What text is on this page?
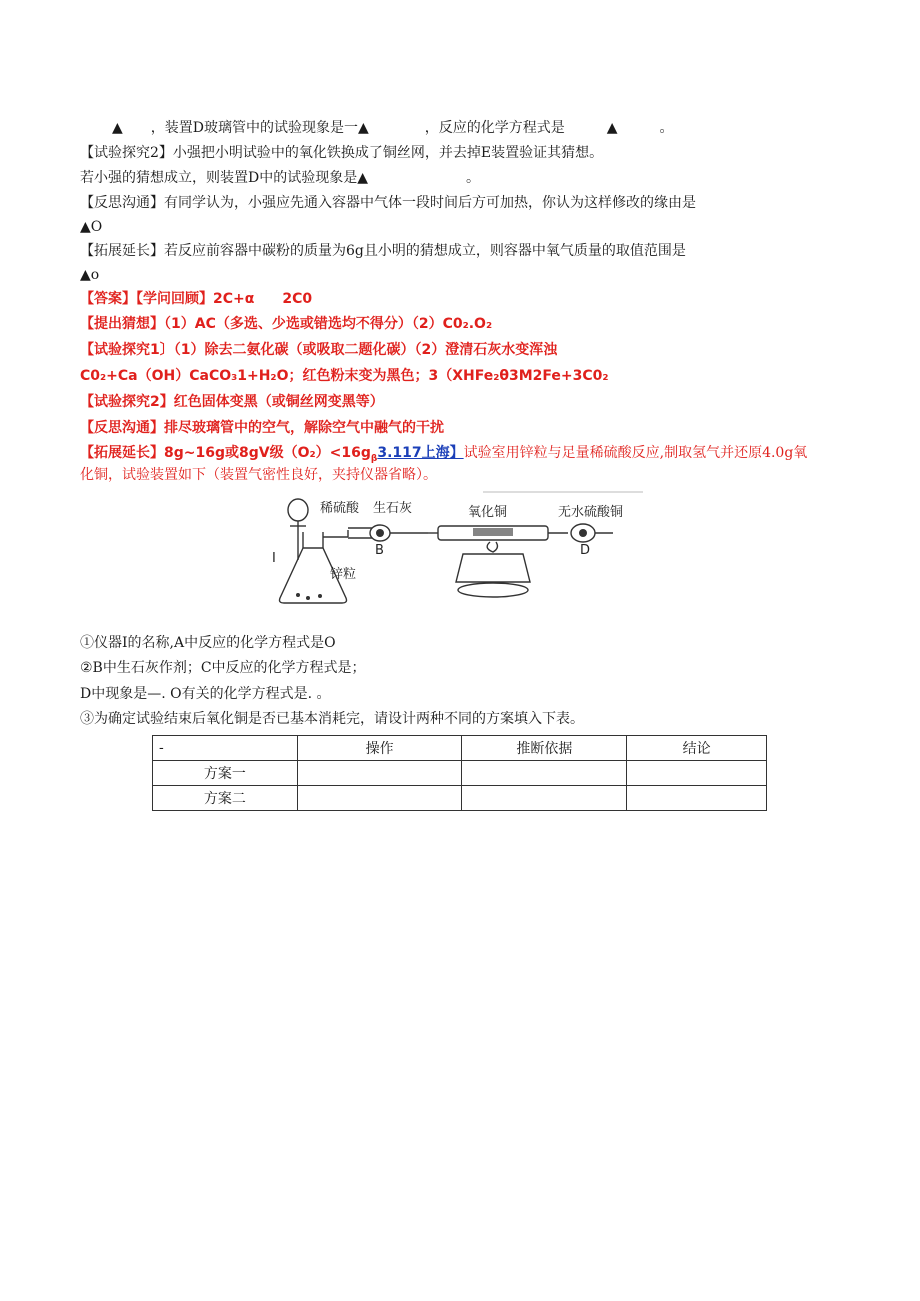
▲　　，装置D玻璃管中的试验现象是一▲　　　　，反应的化学方程式是　　　▲　　　。
【试验探究2】小强把小明试验中的氧化铁换成了铜丝网，并去掉E装置验证其猜想。
若小强的猜想成立，则装置D中的试验现象是▲　　　　　　　。
【反思沟通】有同学认为，小强应先通入容器中气体一段时间后方可加热，你认为这样修改的缘由是
▲O
【拓展延长】若反应前容器中碳粉的质量为6g且小明的猜想成立，则容器中氧气质量的取值范围是
▲o
【答案】【学问回顾】2C+α　　2C0
【提出猜想】（1）AC（多选、少选或错选均不得分）（2）C0₂.O₂
【试验探究1〕（1）除去二氨化碳（或吸取二题化碳）（2）澄清石灰水变浑浊
C0₂+Ca（OH）CaCO₃1+H₂O；红色粉末变为黑色；3（XHFe₂θ3M2Fe+3C0₂
【试验探究2】红色固体变黑（或铜丝网变黑等）
【反思沟通】排尽玻璃管中的空气，解除空气中融气的干扰
【拓展延长】8g~16g或8gV级$(O_2)<16g_\beta 3.117$上海】试验室用锌粒与足量稀硫酸反应,制取氢气并还原4.0g氧
化铜，试验装置如下（装置气密性良好，夹持仪器省略）。
稀硫酸 生石灰	氧化铜	无水硫酸铜
锌粒
I
B	D
①仪器I的名称,A中反应的化学方程式是O
②B中生石灰作剂；C中反应的化学方程式是；
D中现象是—. O有关的化学方程式是. 。
③为确定试验结束后氧化铜是否已基本消耗完，请设计两种不同的方案填入下表。
-	操作	推断依据	结论
方案一			
方案二			
